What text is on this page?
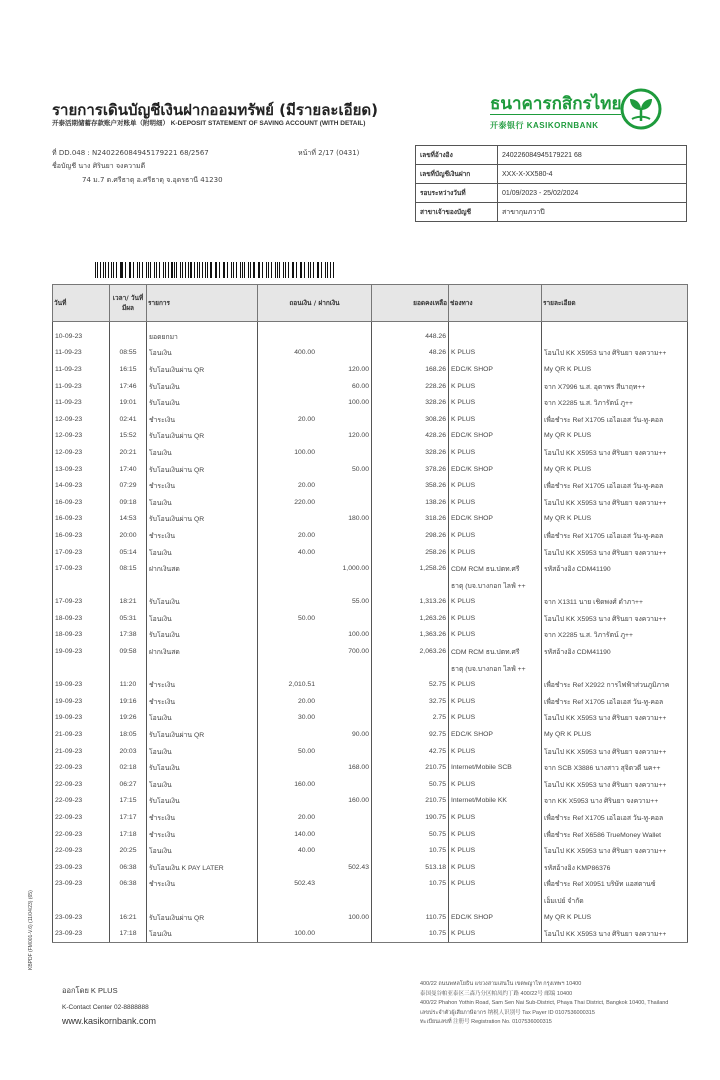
รายการเดินบัญชีเงินฝากออมทรัพย์ (มีรายละเอียด)
开泰活期储蓄存款账户对账单（附明细） K-DEPOSIT STATEMENT OF SAVING ACCOUNT (WITH DETAIL)
ที่ DD.048 : N240226084945179221 68/2567	หน้าที่ 2/17 (0431)
ชื่อบัญชี นาง ศิรินยา จงความดี
74 ม.7 ต.ศรีธาตุ อ.ศรีธาตุ จ.อุดรธานี 41230
ธนาคารกสิกรไทย
开泰银行 KASIKORNBANK
เลขที่อ้างอิง	240226084945179221 68
เลขที่บัญชีเงินฝาก	XXX-X-XX580-4
รอบระหว่างวันที่	01/09/2023 - 25/02/2024
สาขาเจ้าของบัญชี	สาขากุมภวาปี
วันที่	เวลา/ วันที่มีผล	รายการ	ถอนเงิน / ฝากเงิน		ยอดคงเหลือ	ช่องทาง	รายละเอียด
10-09-23		ยอดยกมา			448.26		
11-09-23	08:55	โอนเงิน	400.00		48.26	K PLUS	โอนไป KK X5953 นาง ศิรินยา จงความ++
11-09-23	16:15	รับโอนเงินผ่าน QR		120.00	168.26	EDC/K SHOP	My QR K PLUS
11-09-23	17:46	รับโอนเงิน		60.00	228.26	K PLUS	จาก X7996 น.ส. อุดาพร สีนาฤท++
11-09-23	19:01	รับโอนเงิน		100.00	328.26	K PLUS	จาก X2285 น.ส. วิภารัตน์ ภู++
12-09-23	02:41	ชำระเงิน	20.00		308.26	K PLUS	เพื่อชำระ Ref X1705 เอไอเอส วัน-ทู-คอล
12-09-23	15:52	รับโอนเงินผ่าน QR		120.00	428.26	EDC/K SHOP	My QR K PLUS
12-09-23	20:21	โอนเงิน	100.00		328.26	K PLUS	โอนไป KK X5953 นาง ศิรินยา จงความ++
13-09-23	17:40	รับโอนเงินผ่าน QR		50.00	378.26	EDC/K SHOP	My QR K PLUS
14-09-23	07:29	ชำระเงิน	20.00		358.26	K PLUS	เพื่อชำระ Ref X1705 เอไอเอส วัน-ทู-คอล
16-09-23	09:18	โอนเงิน	220.00		138.26	K PLUS	โอนไป KK X5953 นาง ศิรินยา จงความ++
16-09-23	14:53	รับโอนเงินผ่าน QR		180.00	318.26	EDC/K SHOP	My QR K PLUS
16-09-23	20:00	ชำระเงิน	20.00		298.26	K PLUS	เพื่อชำระ Ref X1705 เอไอเอส วัน-ทู-คอล
17-09-23	05:14	โอนเงิน	40.00		258.26	K PLUS	โอนไป KK X5953 นาง ศิรินยา จงความ++
17-09-23	08:15	ฝากเงินสด		1,000.00	1,258.26	CDM RCM ธน.ปตท.ศรี	รหัสอ้างอิง CDM41190
						ธาตุ (บจ.บางกอก ไลฟ์ ++	
17-09-23	18:21	รับโอนเงิน		55.00	1,313.26	K PLUS	จาก X1311 นาย เชิดพงศ์ ดำภา++
18-09-23	05:31	โอนเงิน	50.00		1,263.26	K PLUS	โอนไป KK X5953 นาง ศิรินยา จงความ++
18-09-23	17:38	รับโอนเงิน		100.00	1,363.26	K PLUS	จาก X2285 น.ส. วิภารัตน์ ภู++
19-09-23	09:58	ฝากเงินสด		700.00	2,063.26	CDM RCM ธน.ปตท.ศรี	รหัสอ้างอิง CDM41190
						ธาตุ (บจ.บางกอก ไลฟ์ ++	
19-09-23	11:20	ชำระเงิน	2,010.51		52.75	K PLUS	เพื่อชำระ Ref X2922 การไฟฟ้าส่วนภูมิภาค
19-09-23	19:16	ชำระเงิน	20.00		32.75	K PLUS	เพื่อชำระ Ref X1705 เอไอเอส วัน-ทู-คอล
19-09-23	19:26	โอนเงิน	30.00		2.75	K PLUS	โอนไป KK X5953 นาง ศิรินยา จงความ++
21-09-23	18:05	รับโอนเงินผ่าน QR		90.00	92.75	EDC/K SHOP	My QR K PLUS
21-09-23	20:03	โอนเงิน	50.00		42.75	K PLUS	โอนไป KK X5953 นาง ศิรินยา จงความ++
22-09-23	02:18	รับโอนเงิน		168.00	210.75	Internet/Mobile SCB	จาก SCB X3886 นางสาว สุจิตวดี นค++
22-09-23	06:27	โอนเงิน	160.00		50.75	K PLUS	โอนไป KK X5953 นาง ศิรินยา จงความ++
22-09-23	17:15	รับโอนเงิน		160.00	210.75	Internet/Mobile KK	จาก KK X5953 นาง ศิรินยา จงความ++
22-09-23	17:17	ชำระเงิน	20.00		190.75	K PLUS	เพื่อชำระ Ref X1705 เอไอเอส วัน-ทู-คอล
22-09-23	17:18	ชำระเงิน	140.00		50.75	K PLUS	เพื่อชำระ Ref X6586 TrueMoney Wallet
22-09-23	20:25	โอนเงิน	40.00		10.75	K PLUS	โอนไป KK X5953 นาง ศิรินยา จงความ++
23-09-23	06:38	รับโอนเงิน K PAY LATER		502.43	513.18	K PLUS	รหัสอ้างอิง KMP86376
23-09-23	06:38	ชำระเงิน	502.43		10.75	K PLUS	เพื่อชำระ Ref X0951 บริษัท แอสตานซ์
							เอ็มเปย์ จำกัด
23-09-23	16:21	รับโอนเงินผ่าน QR		100.00	110.75	EDC/K SHOP	My QR K PLUS
23-09-23	17:18	โอนเงิน	100.00		10.75	K PLUS	โอนไป KK X5953 นาง ศิรินยา จงความ++
ออกโดย K PLUS
K-Contact Center 02-8888888
www.kasikornbank.com
400/22 ถนนพหลโยธิน แขวงสามเสนใน เขตพญาไท กรุงเทพฯ 10400
泰国曼谷帕亚泰区三森乃分区帕凤约丁路 400/22号 邮编 10400
400/22 Phahon Yothin Road, Sam Sen Nai Sub-District, Phaya Thai District, Bangkok 10400, Thailand
เลขประจำตัวผู้เสียภาษีอากร 纳税人识别号 Tax Payer ID 0107536000315
ทะเบียนเลขที่ 注册号 Registration No. 0107536000315
KBPDF (FM001-V.6) (11/04/23) (65)
